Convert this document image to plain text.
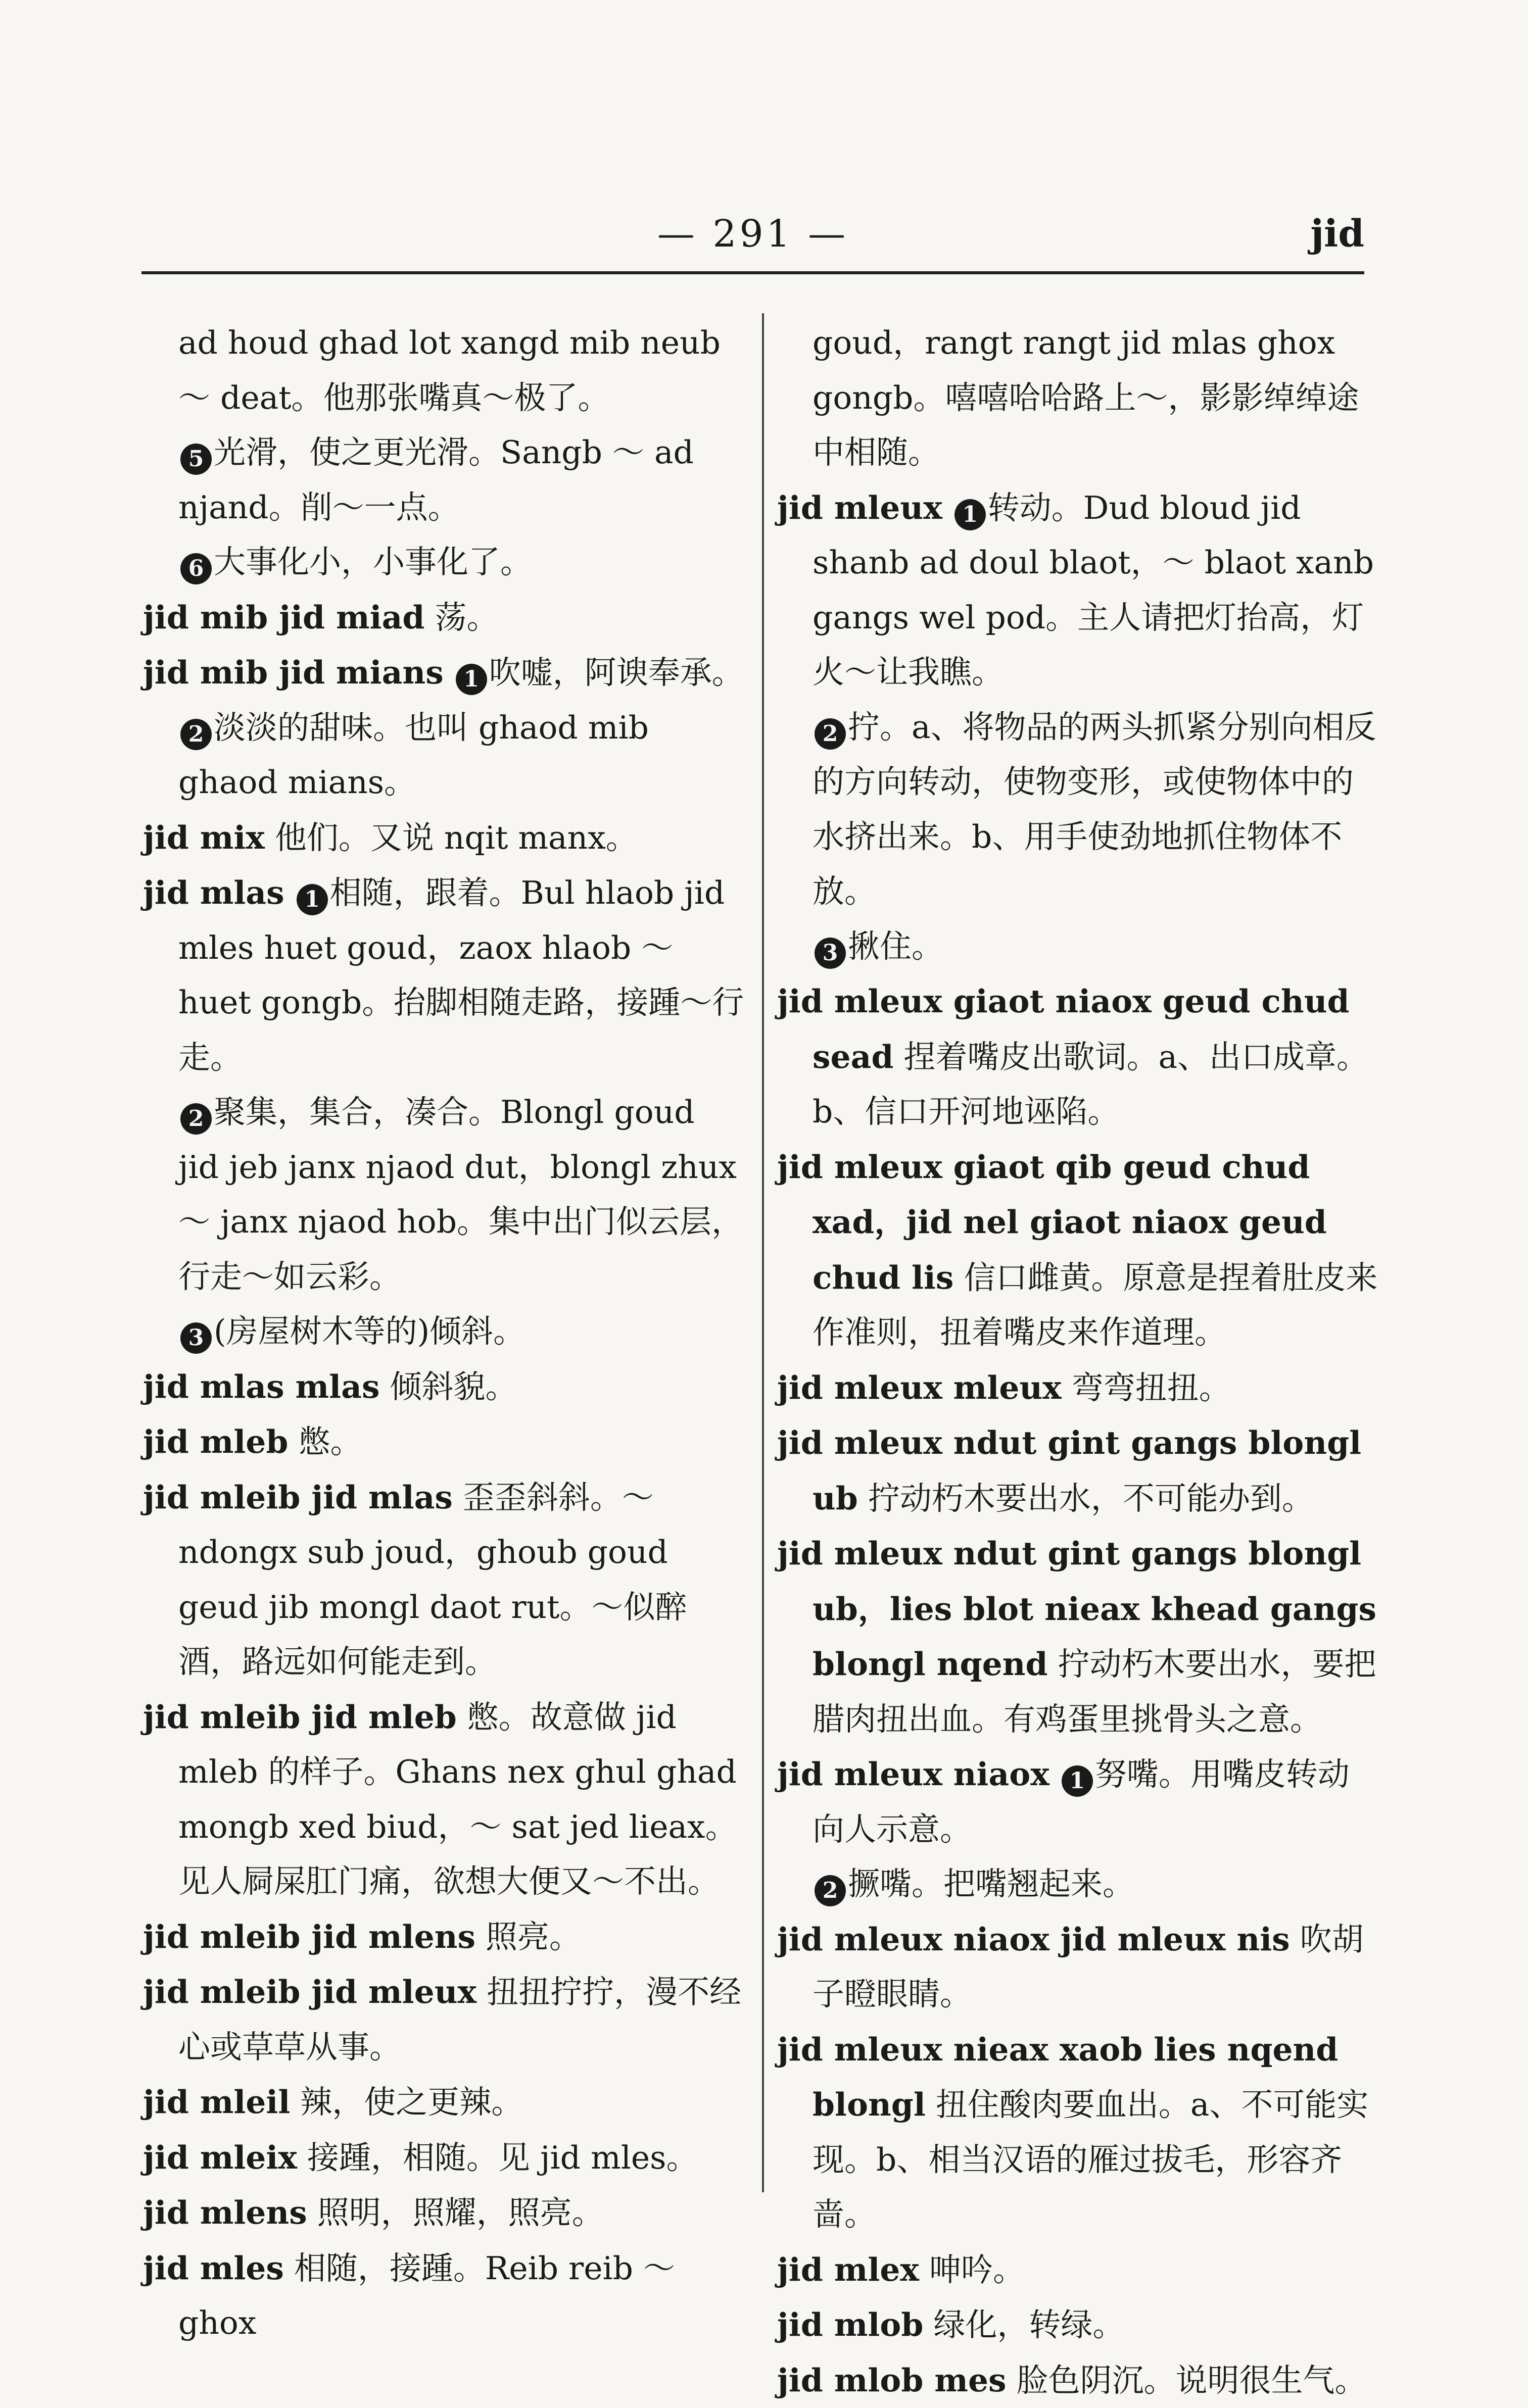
— 291 —	jid

ad houd ghad lot xangd mib neub ～ deat。他那张嘴真～极了。

5 光滑，使之更光滑。Sangb ～ ad njand。削～一点。

6 大事化小，小事化了。

jid mib jid miad 荡。

jid mib jid mians 1 吹嘘，阿谀奉承。

2 淡淡的甜味。也叫 ghaod mib ghaod mians。

jid mix 他们。又说 nqit manx。

jid mlas 1 相随，跟着。Bul hlaob jid mles huet goud，zaox hlaob ～ huet gongb。抬脚相随走路，接踵～行走。

2 聚集，集合，凑合。Blongl goud jid jeb janx njaod dut，blongl zhux ～ janx njaod hob。集中出门似云层，行走～如云彩。

3 (房屋树木等的)倾斜。

jid mlas mlas 倾斜貌。

jid mleb 憋。

jid mleib jid mlas 歪歪斜斜。～ ndongx sub joud，ghoub goud geud jib mongl daot rut。～似醉酒，路远如何能走到。

jid mleib jid mleb 憋。故意做 jid mleb 的样子。Ghans nex ghul ghad mongb xed biud，～ sat jed lieax。见人屙屎肛门痛，欲想大便又～不出。

jid mleib jid mlens 照亮。

jid mleib jid mleux 扭扭拧拧，漫不经心或草草从事。

jid mleil 辣，使之更辣。

jid mleix 接踵，相随。见 jid mles。

jid mlens 照明，照耀，照亮。

jid mles 相随，接踵。Reib reib ～ ghox

goud，rangt rangt jid mlas ghox gongb。嘻嘻哈哈路上～，影影绰绰途中相随。

jid mleux 1 转动。Dud bloud jid shanb ad doul blaot，～ blaot xanb gangs wel pod。主人请把灯抬高，灯火～让我瞧。

2 拧。a、将物品的两头抓紧分别向相反的方向转动，使物变形，或使物体中的水挤出来。b、用手使劲地抓住物体不放。

3 揪住。

jid mleux giaot niaox geud chud sead 捏着嘴皮出歌词。a、出口成章。b、信口开河地诬陷。

jid mleux giaot qib geud chud xad，jid nel giaot niaox geud chud lis 信口雌黄。原意是捏着肚皮来作准则，扭着嘴皮来作道理。

jid mleux mleux 弯弯扭扭。

jid mleux ndut gint gangs blongl ub 拧动朽木要出水，不可能办到。

jid mleux ndut gint gangs blongl ub，lies blot nieax khead gangs blongl nqend 拧动朽木要出水，要把腊肉扭出血。有鸡蛋里挑骨头之意。

jid mleux niaox 1 努嘴。用嘴皮转动向人示意。

2 撅嘴。把嘴翘起来。

jid mleux niaox jid mleux nis 吹胡子瞪眼睛。

jid mleux nieax xaob lies nqend blongl 扭住酸肉要血出。a、不可能实现。b、相当汉语的雁过拔毛，形容齐啬。

jid mlex 呻吟。

jid mlob 绿化，转绿。

jid mlob mes 脸色阴沉。说明很生气。
